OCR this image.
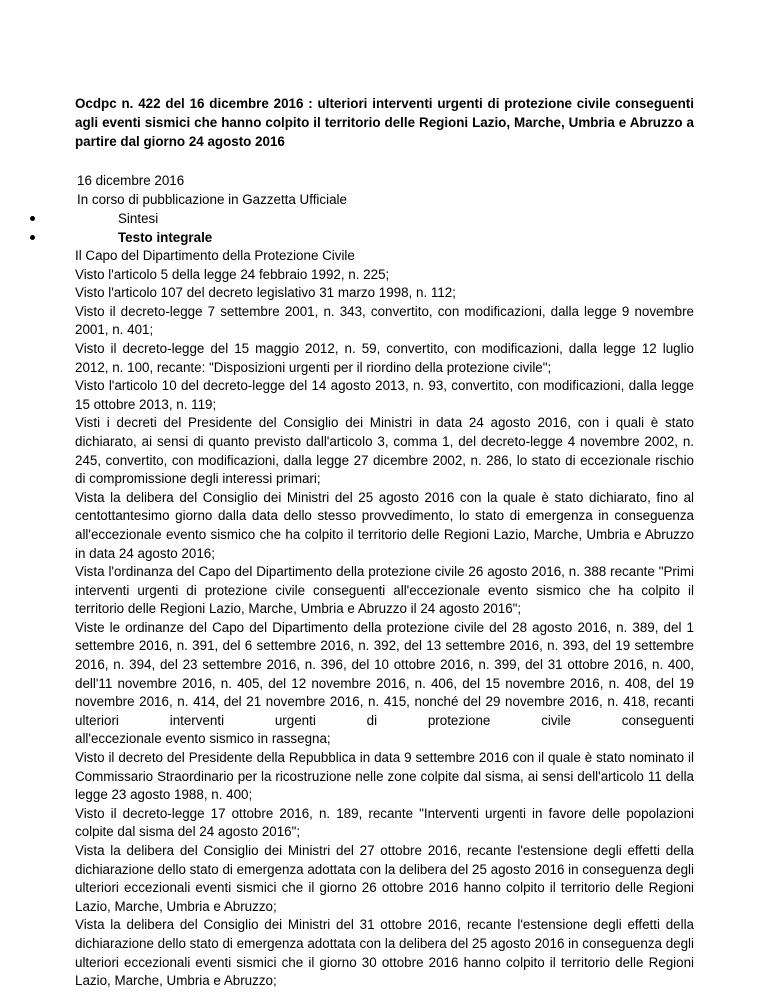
Ocdpc n. 422 del 16 dicembre 2016 : ulteriori interventi urgenti di protezione civile conseguenti agli eventi sismici che hanno colpito il territorio delle Regioni Lazio, Marche, Umbria e Abruzzo a partire dal giorno 24 agosto 2016
16 dicembre 2016
In corso di pubblicazione in Gazzetta Ufficiale
Sintesi
Testo integrale

Il Capo del Dipartimento della Protezione Civile

Visto l'articolo 5 della legge 24 febbraio 1992, n. 225;

Visto l'articolo 107 del decreto legislativo 31 marzo 1998, n. 112;

Visto il decreto-legge 7 settembre 2001, n. 343, convertito, con modificazioni, dalla legge 9 novembre 2001, n. 401;

Visto il decreto-legge del 15 maggio 2012, n. 59, convertito, con modificazioni, dalla legge 12 luglio 2012, n. 100, recante: "Disposizioni urgenti per il riordino della protezione civile";

Visto l'articolo 10 del decreto-legge del 14 agosto 2013, n. 93, convertito, con modificazioni, dalla legge 15 ottobre 2013, n. 119;

Visti i decreti del Presidente del Consiglio dei Ministri in data 24 agosto 2016, con i quali è stato dichiarato, ai sensi di quanto previsto dall'articolo 3, comma 1, del decreto-legge 4 novembre 2002, n. 245, convertito, con modificazioni, dalla legge 27 dicembre 2002, n. 286, lo stato di eccezionale rischio di compromissione degli interessi primari;

Vista la delibera del Consiglio dei Ministri del 25 agosto 2016 con la quale è stato dichiarato, fino al centottantesimo giorno dalla data dello stesso provvedimento, lo stato di emergenza in conseguenza all'eccezionale evento sismico che ha colpito il territorio delle Regioni Lazio, Marche, Umbria e Abruzzo in data 24 agosto 2016;

Vista l'ordinanza del Capo del Dipartimento della protezione civile 26 agosto 2016, n. 388 recante "Primi interventi urgenti di protezione civile conseguenti all'eccezionale evento sismico che ha colpito il territorio delle Regioni Lazio, Marche, Umbria e Abruzzo il 24 agosto 2016";

Viste le ordinanze del Capo del Dipartimento della protezione civile del 28 agosto 2016, n. 389, del 1 settembre 2016, n. 391, del 6 settembre 2016, n. 392, del 13 settembre 2016, n. 393, del 19 settembre 2016, n. 394, del 23 settembre 2016, n. 396, del 10 ottobre 2016, n. 399, del 31 ottobre 2016, n. 400, dell'11 novembre 2016, n. 405, del 12 novembre 2016, n. 406, del 15 novembre 2016, n. 408, del 19 novembre 2016, n. 414, del 21 novembre 2016, n. 415, nonché del 29 novembre 2016, n. 418, recanti ulteriori interventi urgenti di protezione civile conseguenti

all'eccezionale evento sismico in rassegna;

Visto il decreto del Presidente della Repubblica in data 9 settembre 2016 con il quale è stato nominato il Commissario Straordinario per la ricostruzione nelle zone colpite dal sisma, ai sensi dell'articolo 11 della legge 23 agosto 1988, n. 400;

Visto il decreto-legge 17 ottobre 2016, n. 189, recante "Interventi urgenti in favore delle popolazioni colpite dal sisma del 24 agosto 2016";

Vista la delibera del Consiglio dei Ministri del 27 ottobre 2016, recante l'estensione degli effetti della dichiarazione dello stato di emergenza adottata con la delibera del 25 agosto 2016 in conseguenza degli ulteriori eccezionali eventi sismici che il giorno 26 ottobre 2016 hanno colpito il territorio delle Regioni Lazio, Marche, Umbria e Abruzzo;

Vista la delibera del Consiglio dei Ministri del 31 ottobre 2016, recante l'estensione degli effetti della dichiarazione dello stato di emergenza adottata con la delibera del 25 agosto 2016 in conseguenza degli ulteriori eccezionali eventi sismici che il giorno 30 ottobre 2016 hanno colpito il territorio delle Regioni Lazio, Marche, Umbria e Abruzzo;
